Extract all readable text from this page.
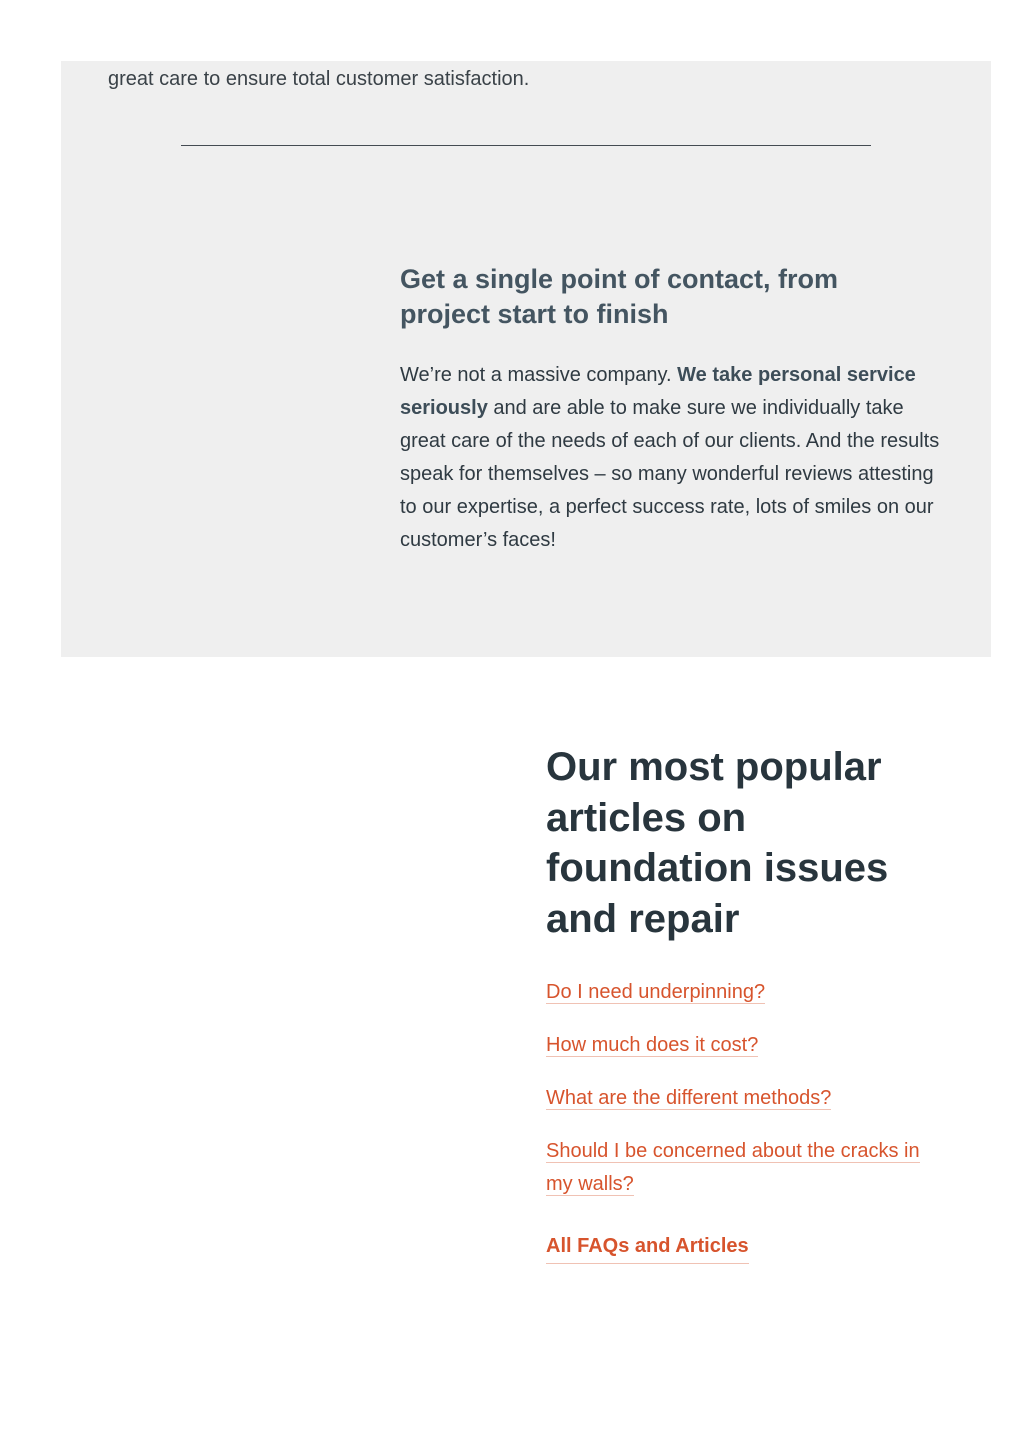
great care to ensure total customer satisfaction.

Get a single point of contact, from project start to finish

We’re not a massive company. We take personal service seriously and are able to make sure we individually take great care of the needs of each of our clients. And the results speak for themselves – so many wonderful reviews attesting to our expertise, a perfect success rate, lots of smiles on our customer’s faces!

Our most popular articles on foundation issues and repair
Do I need underpinning?
How much does it cost?
What are the different methods?
Should I be concerned about the cracks in my walls?
All FAQs and Articles
